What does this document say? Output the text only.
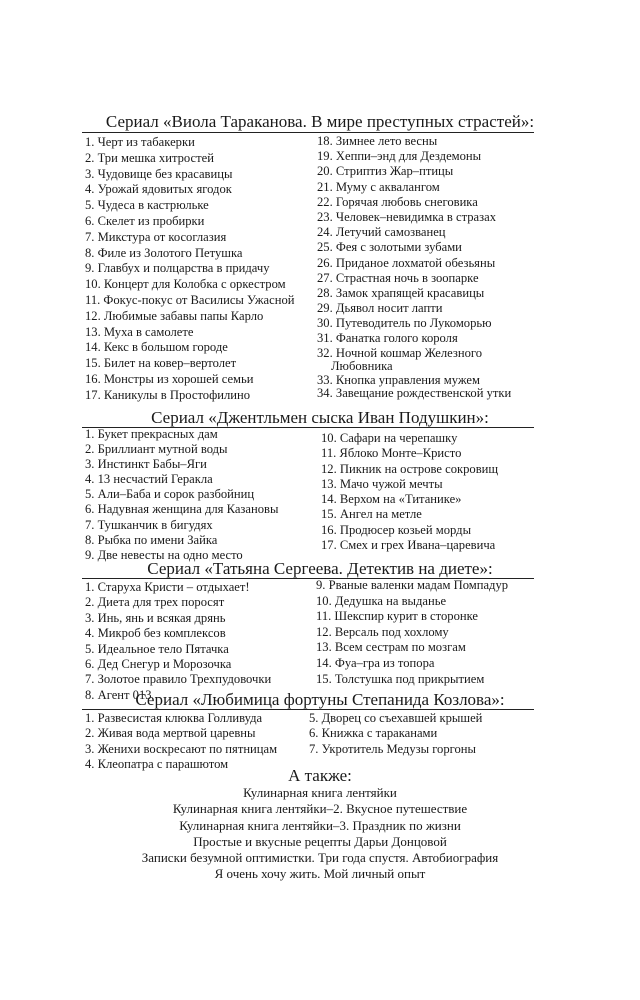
Сериал «Виола Тараканова. В мире преступных страстей»:
1. Черт из табакерки
2. Три мешка хитростей
3. Чудовище без красавицы
4. Урожай ядовитых ягодок
5. Чудеса в кастрюльке
6. Скелет из пробирки
7. Микстура от косоглазия
8. Филе из Золотого Петушка
9. Главбух и полцарства в придачу
10. Концерт для Колобка с оркестром
11. Фокус-покус от Василисы Ужасной
12. Любимые забавы папы Карло
13. Муха в самолете
14. Кекс в большом городе
15. Билет на ковер–вертолет
16. Монстры из хорошей семьи
17. Каникулы в Простофилино
18. Зимнее лето весны
19. Хеппи–энд для Дездемоны
20. Стриптиз Жар–птицы
21. Муму с аквалангом
22. Горячая любовь снеговика
23. Человек–невидимка в стразах
24. Летучий самозванец
25. Фея с золотыми зубами
26. Приданое лохматой обезьяны
27. Страстная ночь в зоопарке
28. Замок храпящей красавицы
29. Дьявол носит лапти
30. Путеводитель по Лукоморью
31. Фанатка голого короля
32. Ночной кошмар Железного Любовника
33. Кнопка управления мужем
34. Завещание рождественской утки
Сериал «Джентльмен сыска Иван Подушкин»:
1. Букет прекрасных дам
2. Бриллиант мутной воды
3. Инстинкт Бабы–Яги
4. 13 несчастий Геракла
5. Али–Баба и сорок разбойниц
6. Надувная женщина для Казановы
7. Тушканчик в бигудях
8. Рыбка по имени Зайка
9. Две невесты на одно место
10. Сафари на черепашку
11. Яблоко Монте–Кристо
12. Пикник на острове сокровищ
13. Мачо чужой мечты
14. Верхом на «Титанике»
15. Ангел на метле
16. Продюсер козьей морды
17. Смех и грех Ивана–царевича
Сериал «Татьяна Сергеева. Детектив на диете»:
1. Старуха Кристи – отдыхает!
2. Диета для трех поросят
3. Инь, янь и всякая дрянь
4. Микроб без комплексов
5. Идеальное тело Пятачка
6. Дед Снегур и Морозочка
7. Золотое правило Трехпудовочки
8. Агент 013
9. Рваные валенки мадам Помпадур
10. Дедушка на выданье
11. Шекспир курит в сторонке
12. Версаль под хохлому
13. Всем сестрам по мозгам
14. Фуа–гра из топора
15. Толстушка под прикрытием
Сериал «Любимица фортуны Степанида Козлова»:
1. Развесистая клюква Голливуда
2. Живая вода мертвой царевны
3. Женихи воскресают по пятницам
4. Клеопатра с парашютом
5. Дворец со съехавшей крышей
6. Книжка с тараканами
7. Укротитель Медузы горгоны
А также:
Кулинарная книга лентяйки
Кулинарная книга лентяйки–2. Вкусное путешествие
Кулинарная книга лентяйки–3. Праздник по жизни
Простые и вкусные рецепты Дарьи Донцовой
Записки безумной оптимистки. Три года спустя. Автобиография
Я очень хочу жить. Мой личный опыт
